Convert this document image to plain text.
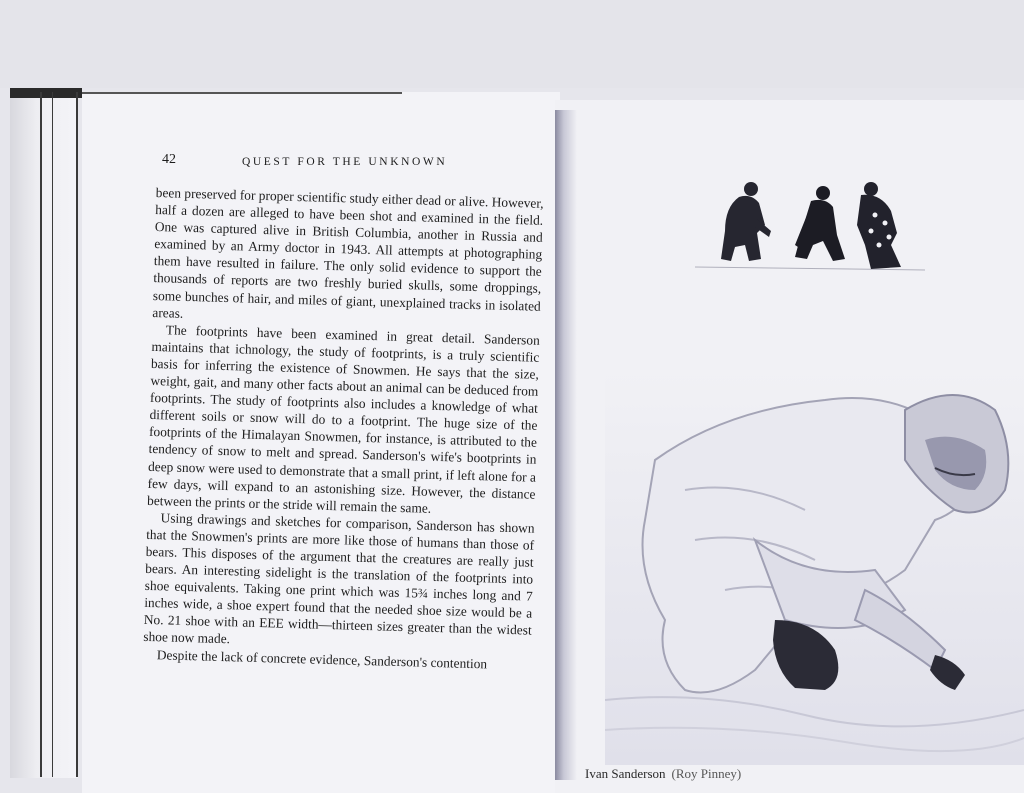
42	QUEST FOR THE UNKNOWN

been preserved for proper scientific study either dead or alive. However, half a dozen are alleged to have been shot and examined in the field. One was captured alive in British Columbia, another in Russia and examined by an Army doctor in 1943. All attempts at photographing them have resulted in failure. The only solid evidence to support the thousands of reports are two freshly buried skulls, some droppings, some bunches of hair, and miles of giant, unexplained tracks in isolated areas.

The footprints have been examined in great detail. Sanderson maintains that ichnology, the study of footprints, is a truly scientific basis for inferring the existence of Snowmen. He says that the size, weight, gait, and many other facts about an animal can be deduced from footprints. The study of footprints also includes a knowledge of what different soils or snow will do to a footprint. The huge size of the footprints of the Himalayan Snowmen, for instance, is attributed to the tendency of snow to melt and spread. Sanderson's wife's bootprints in deep snow were used to demonstrate that a small print, if left alone for a few days, will expand to an astonishing size. However, the distance between the prints or the stride will remain the same.

Using drawings and sketches for comparison, Sanderson has shown that the Snowmen's prints are more like those of humans than those of bears. This disposes of the argument that the creatures are really just bears. An interesting sidelight is the translation of the footprints into shoe equivalents. Taking one print which was 15¾ inches long and 7 inches wide, a shoe expert found that the needed shoe size would be a No. 21 shoe with an EEE width—thirteen sizes greater than the widest shoe now made.

Despite the lack of concrete evidence, Sanderson's contention

Ivan Sanderson (Roy Pinney)
